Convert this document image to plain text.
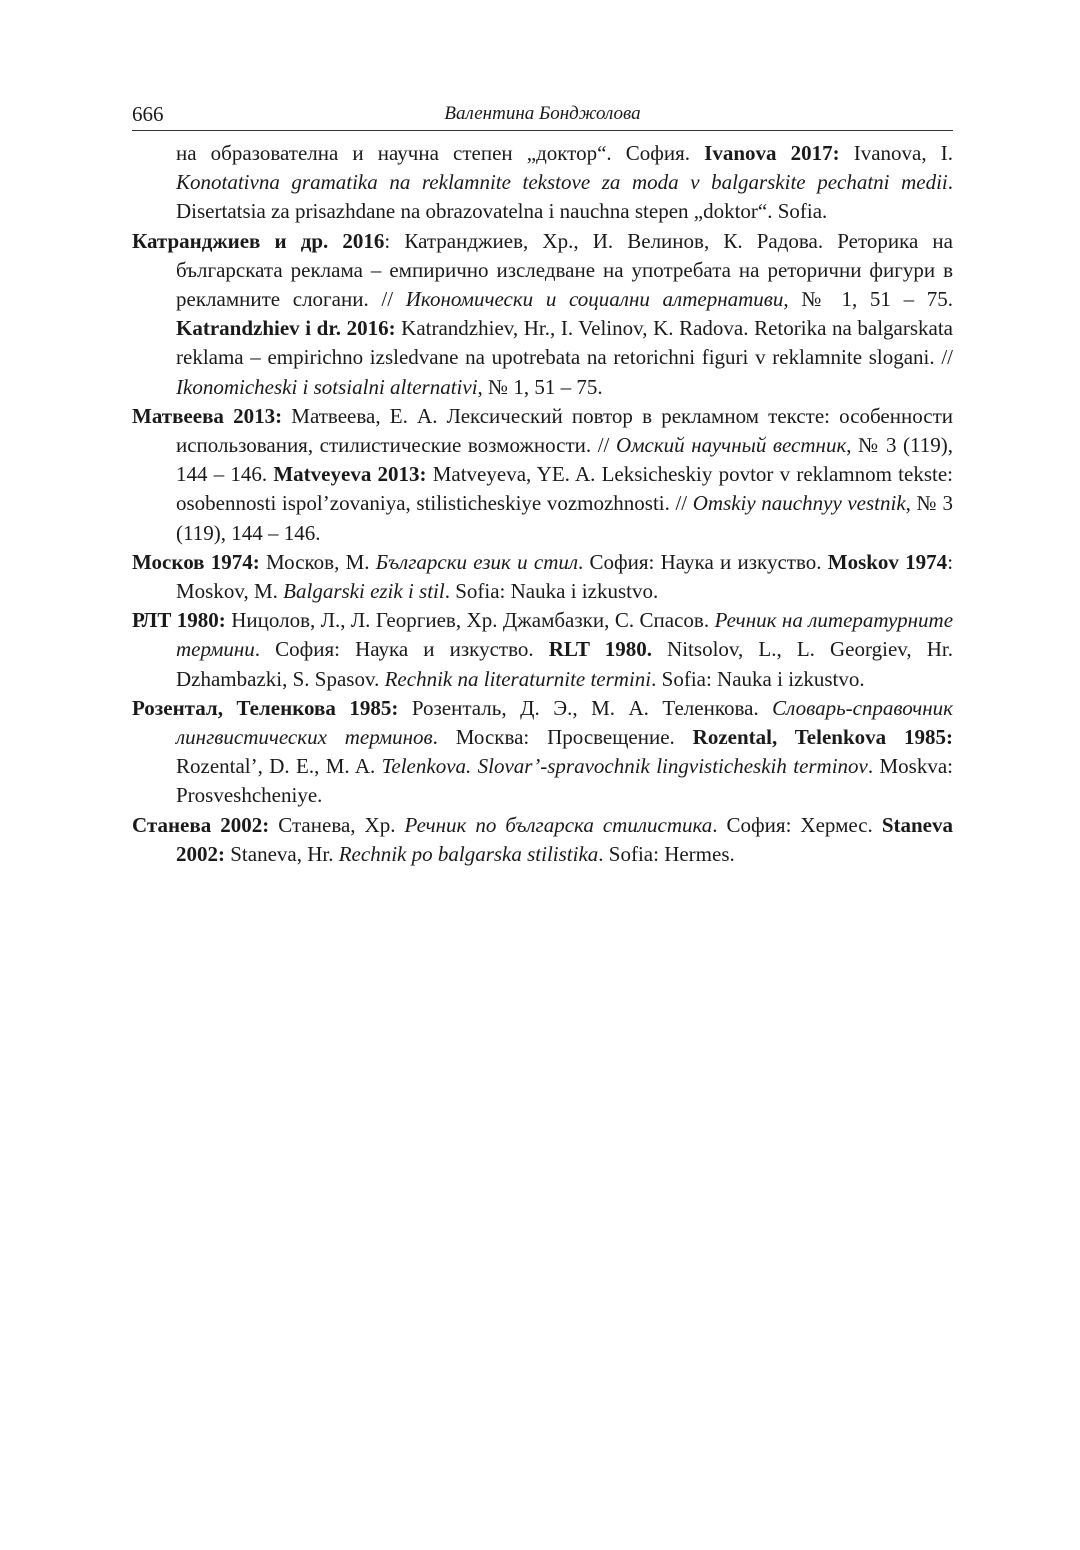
666	Валентина Бонджолова

на образователна и научна степен „доктор“. София. Ivanova 2017: Ivanova, I. Konotativna gramatika na reklamnite tekstove za moda v balgarskite pechatni medii. Disertatsia za prisazhdane na obrazovatelna i nauchna stepen „doktor“. Sofia.

Катранджиев и др. 2016: Катранджиев, Хр., И. Велинов, К. Радова. Реторика на българската реклама – емпирично изследване на употребата на реторични фигури в рекламните слогани. // Икономически и социални алтернативи, № 1, 51 – 75. Katrandzhiev i dr. 2016: Katrandzhiev, Hr., I. Velinov, K. Radova. Retorika na balgarskata reklama – empirichno izsledvane na upotrebata na retorichni figuri v reklamnite slogani. // Ikonomicheski i sotsialni alternativi, № 1, 51 – 75.

Матвеева 2013: Матвеева, Е. А. Лексический повтор в рекламном тексте: особенности использования, стилистические возможности. // Омский научный вестник, № 3 (119), 144 – 146. Matveyeva 2013: Matveyeva, YE. A. Leksicheskiy povtor v reklamnom tekste: osobennosti ispol’zovaniya, stilisticheskiye vozmozhnosti. // Omskiy nauchnyy vestnik, № 3 (119), 144 – 146.

Москов 1974: Москов, М. Български език и стил. София: Наука и изкуство. Moskov 1974: Moskov, M. Balgarski ezik i stil. Sofia: Nauka i izkustvo.

РЛТ 1980: Ницолов, Л., Л. Георгиев, Хр. Джамбазки, С. Спасов. Речник на литературните термини. София: Наука и изкуство. RLT 1980. Nitsolov, L., L. Georgiev, Hr. Dzhambazki, S. Spasov. Rechnik na literaturnite termini. Sofia: Nauka i izkustvo.

Розентал, Теленкова 1985: Розенталь, Д. Э., М. А. Теленкова. Словарь-справочник лингвистических терминов. Москва: Просвещение. Rozental, Telenkova 1985: Rozental’, D. E., M. A. Telenkova. Slovar’-spravochnik lingvisticheskih terminov. Moskva: Prosveshcheniye.

Станева 2002: Станева, Хр. Речник по българска стилистика. София: Хермес. Staneva 2002: Staneva, Hr. Rechnik po balgarska stilistika. Sofia: Hermes.
